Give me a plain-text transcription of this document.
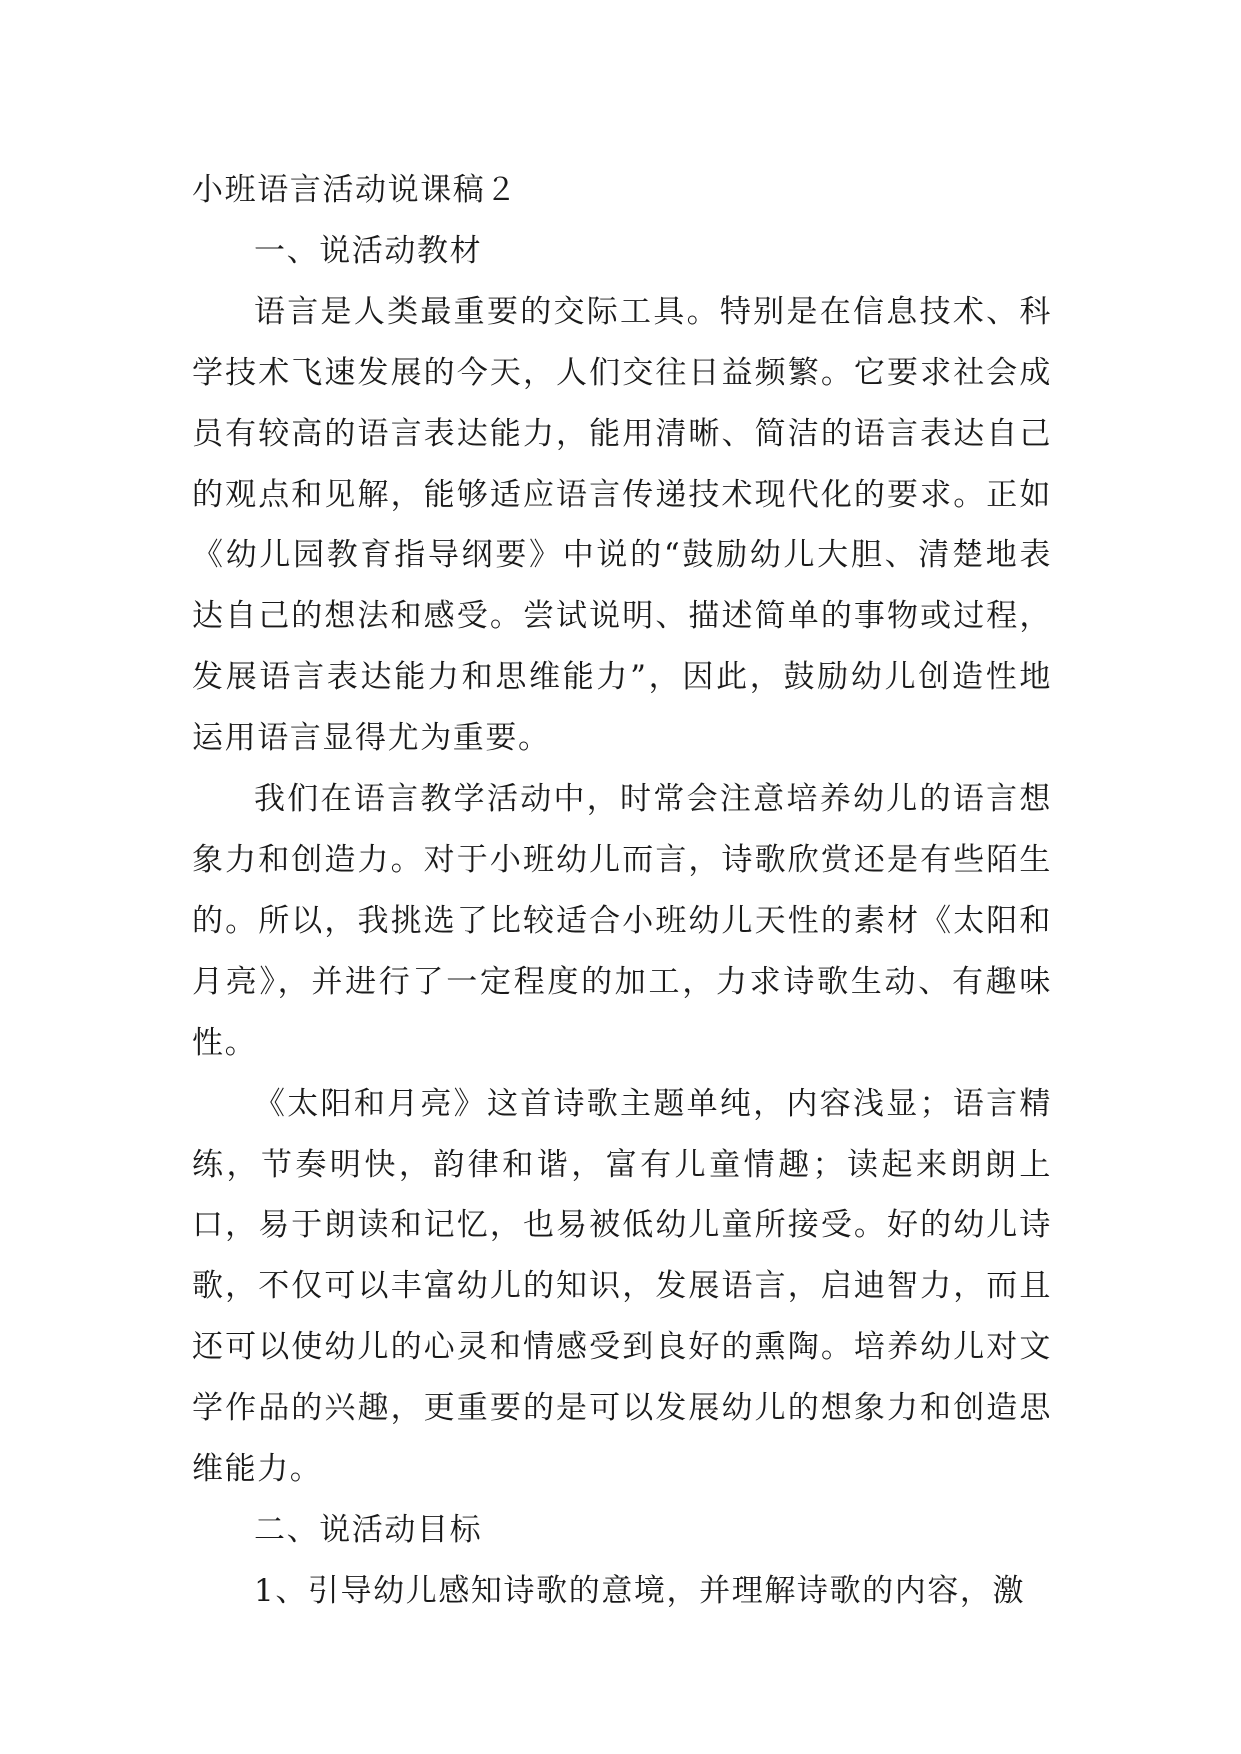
小班语言活动说课稿２

一、说活动教材

语言是人类最重要的交际工具。特别是在信息技术、科学技术飞速发展的今天，人们交往日益频繁。它要求社会成员有较高的语言表达能力，能用清晰、简洁的语言表达自己的观点和见解，能够适应语言传递技术现代化的要求。正如《幼儿园教育指导纲要》中说的“鼓励幼儿大胆、清楚地表达自己的想法和感受。尝试说明、描述简单的事物或过程，发展语言表达能力和思维能力”，因此，鼓励幼儿创造性地运用语言显得尤为重要。

我们在语言教学活动中，时常会注意培养幼儿的语言想象力和创造力。对于小班幼儿而言，诗歌欣赏还是有些陌生的。所以，我挑选了比较适合小班幼儿天性的素材《太阳和月亮》，并进行了一定程度的加工，力求诗歌生动、有趣味性。

《太阳和月亮》这首诗歌主题单纯，内容浅显；语言精练，节奏明快，韵律和谐，富有儿童情趣；读起来朗朗上口，易于朗读和记忆，也易被低幼儿童所接受。好的幼儿诗歌，不仅可以丰富幼儿的知识，发展语言，启迪智力，而且还可以使幼儿的心灵和情感受到良好的熏陶。培养幼儿对文学作品的兴趣，更重要的是可以发展幼儿的想象力和创造思维能力。

二、说活动目标

1、引导幼儿感知诗歌的意境，并理解诗歌的内容，激
